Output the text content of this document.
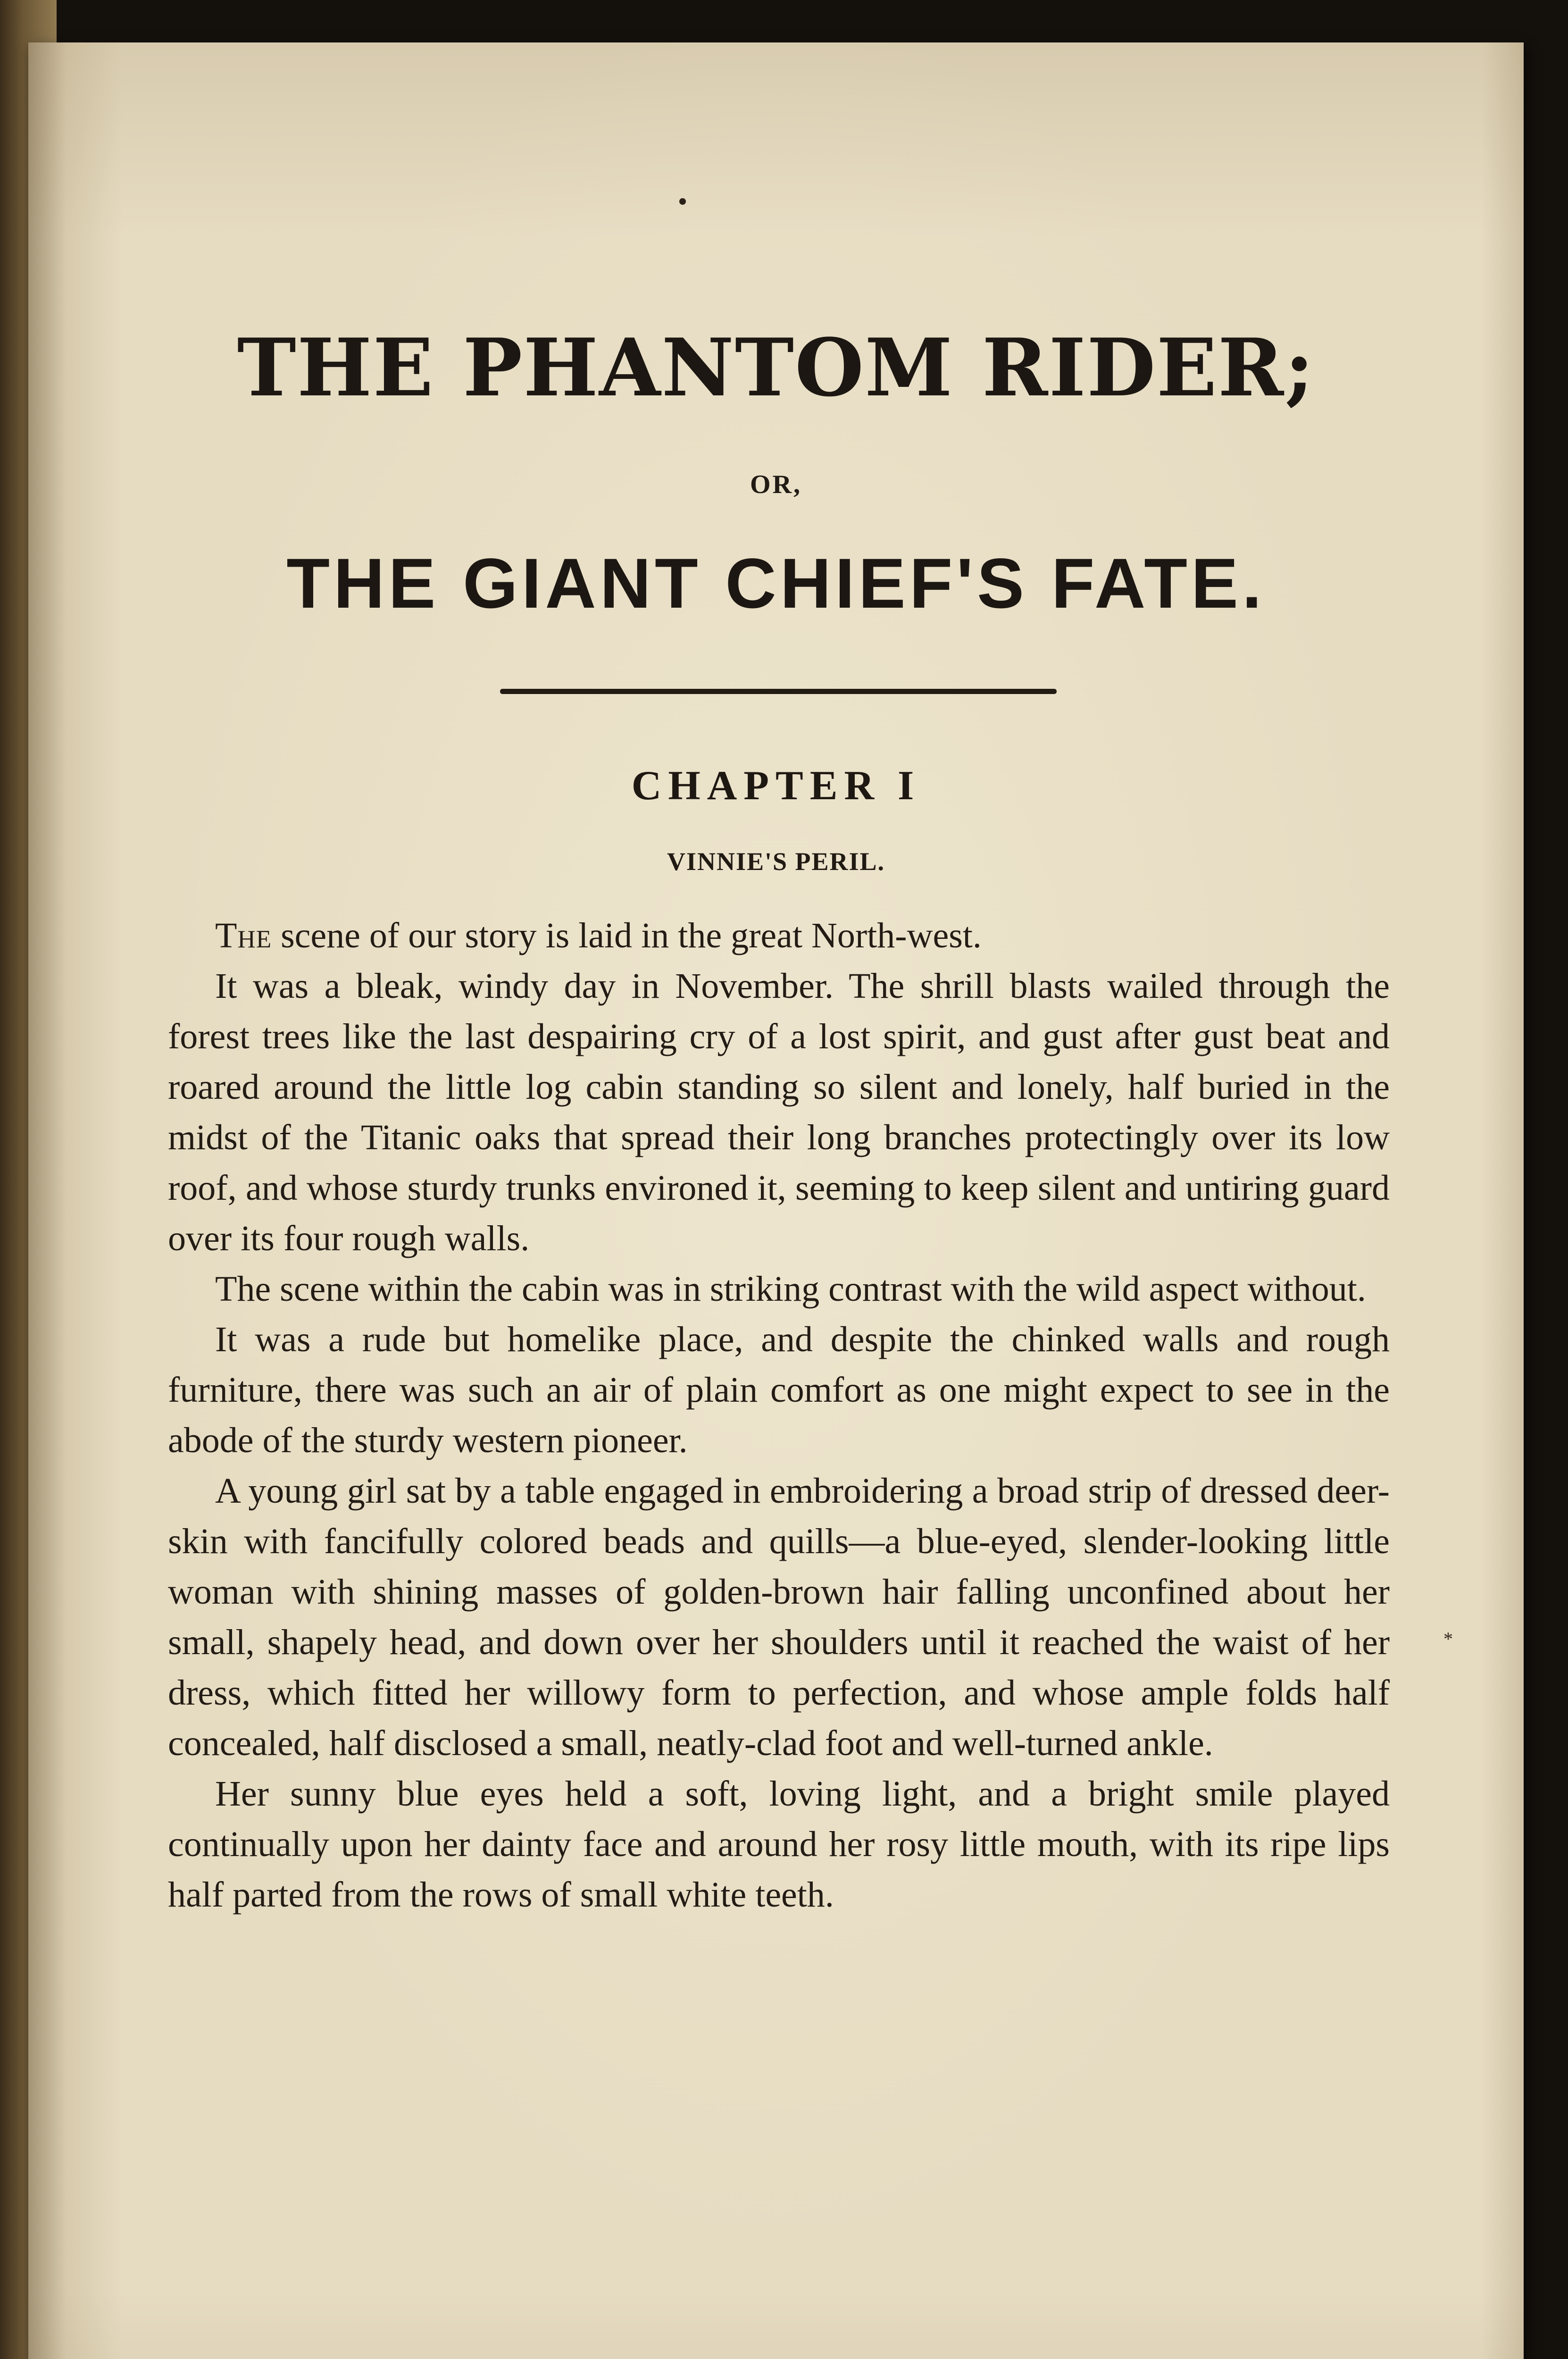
THE PHANTOM RIDER;
OR,
THE GIANT CHIEF'S FATE.
CHAPTER I
VINNIE'S PERIL.

The scene of our story is laid in the great North-west.

It was a bleak, windy day in November. The shrill blasts wailed through the forest trees like the last despairing cry of a lost spirit, and gust after gust beat and roared around the little log cabin standing so silent and lonely, half buried in the midst of the Titanic oaks that spread their long branches protectingly over its low roof, and whose sturdy trunks environed it, seeming to keep silent and untiring guard over its four rough walls.

The scene within the cabin was in striking contrast with the wild aspect without.

It was a rude but homelike place, and despite the chinked walls and rough furniture, there was such an air of plain comfort as one might expect to see in the abode of the sturdy western pioneer.

A young girl sat by a table engaged in embroidering a broad strip of dressed deer-skin with fancifully colored beads and quills—a blue-eyed, slender-looking little woman with shining masses of golden-brown hair falling unconfined about her small, shapely head, and down over her shoulders until it reached the waist of her dress, which fitted her willowy form to perfection, and whose ample folds half concealed, half disclosed a small, neatly-clad foot and well-turned ankle.

Her sunny blue eyes held a soft, loving light, and a bright smile played continually upon her dainty face and around her rosy little mouth, with its ripe lips half parted from the rows of small white teeth.

*
